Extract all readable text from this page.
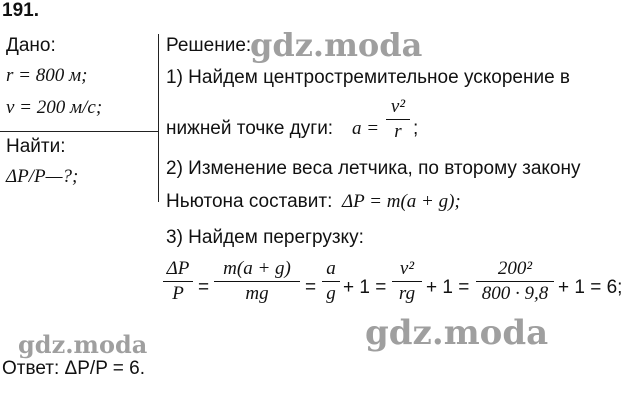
191.
Дано:
r = 800 м;
v = 200 м/с;
Найти:
ΔP/P—?;
Решение:
1) Найдем центростремительное ускорение в
нижней точке дуги: a =
v²
r ;
2) Изменение веса летчика, по второму закону
Ньютона составит: ΔP = m(a + g);
3) Найдем перегрузку:
ΔP
P =
m(a + g)
mg	=
a
g + 1 =
v²
rg + 1 =
200²
800 · 9,8 + 1 = 6;
Ответ: ΔP/P = 6.
gdz.moda
gdz.moda
gdz.moda
